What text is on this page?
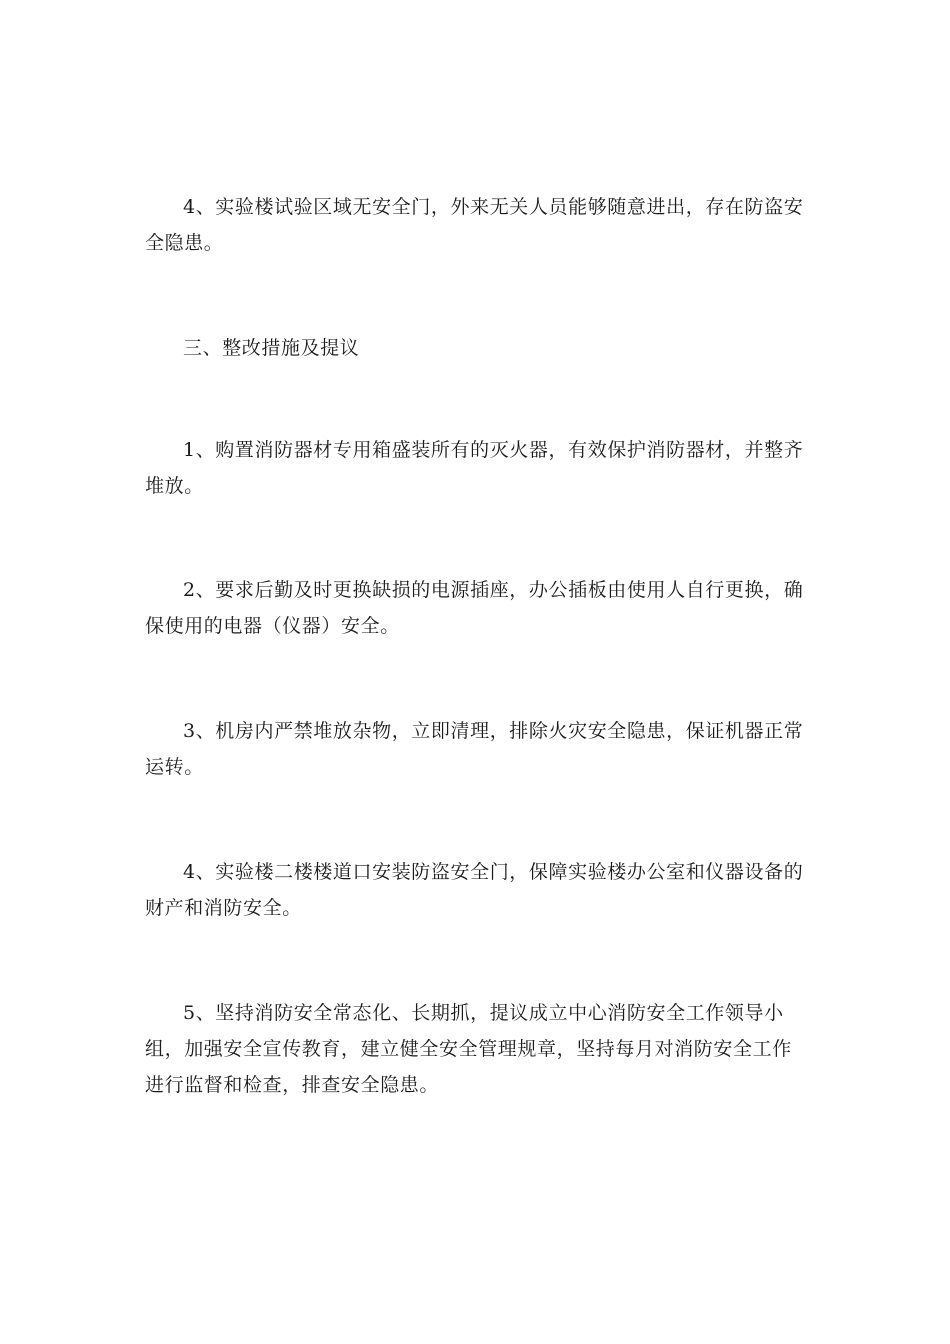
4、实验楼试验区域无安全门，外来无关人员能够随意进出，存在防盗安全隐患。

三、整改措施及提议

1、购置消防器材专用箱盛装所有的灭火器，有效保护消防器材，并整齐堆放。

2、要求后勤及时更换缺损的电源插座，办公插板由使用人自行更换，确保使用的电器（仪器）安全。

3、机房内严禁堆放杂物，立即清理，排除火灾安全隐患，保证机器正常运转。

4、实验楼二楼楼道口安装防盗安全门，保障实验楼办公室和仪器设备的财产和消防安全。

5、坚持消防安全常态化、长期抓，提议成立中心消防安全工作领导小组，加强安全宣传教育，建立健全安全管理规章，坚持每月对消防安全工作进行监督和检查，排查安全隐患。
